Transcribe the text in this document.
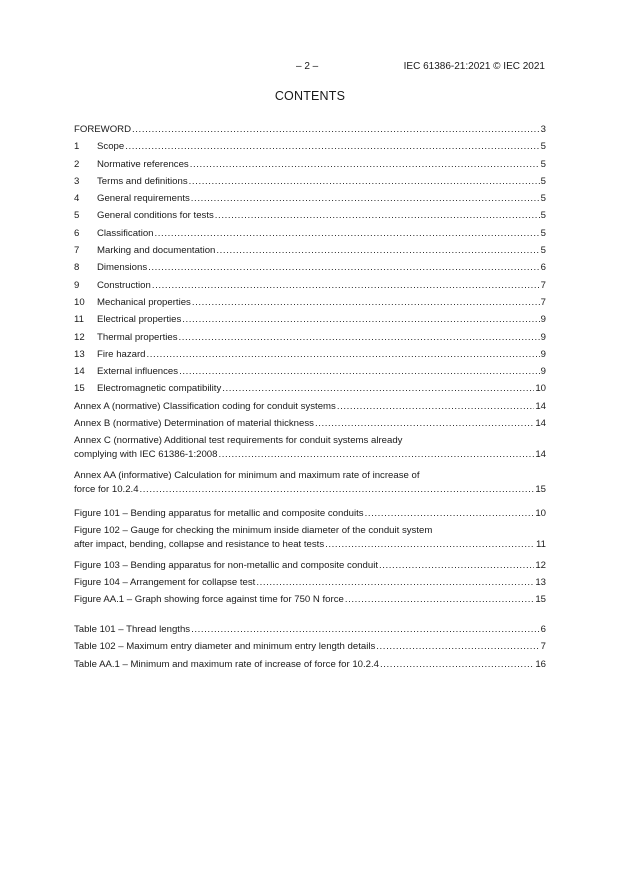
– 2 –	IEC 61386-21:2021 © IEC 2021
CONTENTS
FOREWORD .....	3
1	Scope .....	5
2	Normative references .....	5
3	Terms and definitions .....	5
4	General requirements .....	5
5	General conditions for tests .....	5
6	Classification .....	5
7	Marking and documentation .....	5
8	Dimensions .....	6
9	Construction .....	7
10	Mechanical properties .....	7
11	Electrical properties .....	9
12	Thermal properties .....	9
13	Fire hazard .....	9
14	External influences .....	9
15	Electromagnetic compatibility .....	10
Annex A (normative) Classification coding for conduit systems .....	14
Annex B (normative) Determination of material thickness .....	14
Annex C (normative) Additional test requirements for conduit systems already
complying with IEC 61386-1:2008 .....	14
Annex AA (informative) Calculation for minimum and maximum rate of increase of
force for 10.2.4 .....	15
Figure 101 – Bending apparatus for metallic and composite conduits .....	10
Figure 102 – Gauge for checking the minimum inside diameter of the conduit system
after impact, bending, collapse and resistance to heat tests .....	11
Figure 103 – Bending apparatus for non-metallic and composite conduit .....	12
Figure 104 – Arrangement for collapse test .....	13
Figure AA.1 – Graph showing force against time for 750 N force .....	15
Table 101 – Thread lengths .....	6
Table 102 – Maximum entry diameter and minimum entry length details .....	7
Table AA.1 – Minimum and maximum rate of increase of force for 10.2.4 .....	16
